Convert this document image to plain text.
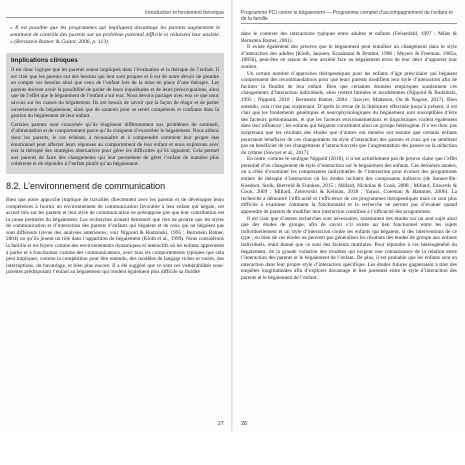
Introduction et fondement théorique
« Il est possible que les programmes qui impliquent davantage les parents augmentent le sentiment de contrôle des parents sur un problème parental difficile et réduisent leur anxiété. » (Bernstein Ratner & Guitar, 2006, p. 113).
Implications cliniques

Il est donc logique que les parents soient impliqués dans l’évaluation et la thérapie de l’enfant. Il est clair que les parents ont des besoins qui leur sont propres et il est de notre devoir de prendre en compte ces besoins ainsi que ceux de l’enfant lors de la mise en place d’une thérapie. Les parents doivent avoir la possibilité de parler de leurs inquiétudes et de leurs préoccupations, ainsi que de l’effet que le bégaiement de l’enfant a sur eux. Nous devons partager avec eux ce que nous savons sur les causes du bégaiement. Ils ont besoin de savoir que la façon de réagir et de parler ouvertement du bégaiement, ainsi que de soutenir pour se sentir compétents et confiants dans la gestion du bégaiement de leur enfant.

Certains parents sont concernés qu’ils réagissent différemment aux problèmes de sommeil, d’alimentation et de comportement parce qu’ils craignent d’exacerber le bégaiement. Nous aidons donc les parents, le cas échéant, à reconnaître et à comprendre comment leur propre état émotionnel peut affecter leurs réponses au comportement de leur enfant et nous explorons avec eux la thérapie des stratégies alternatives pour gérer les difficultés qu’ils signalent. Cela permet aux parents de faire des changements qui leur permettent de gérer l’enfant de manière plus cohérente et de répondre à l’enfant plutôt qu’au bégaiement.

8.2. L’environnement de communication

Bien que notre approche implique de travailler directement avec les parents et de développer leurs compétences à fournir un environnement de communication favorable à leur enfant qui bégaie, cet accent mis sur les parents et leur style de communication ne présuppose pas que leur contribution est la cause première du bégaiement. Les recherches avaient démontré que rien ne prouve que les styles de communication et d’interaction des parents d’enfants qui bégaient et de ceux qui ne bégaient pas sont différents (revue des analyses antérieures, voir Nippold & Rudzinski, 1995 ; Bernstein Ratner, 2004) ou qu’ils jouent un rôle dans l’apparition du bégaiement (Kloth et al., 1999). Nous considérons la famille et les foyers comme des environnements dynamiques et interactifs où les enfants apprennent à parler et à fonctionner comme des communicateurs, avec tous les comportements typiques que cela peut impliquer, comme la compétition pour être entendu, des modèles de langage riches et variés, des interruptions, du bavardage, et bien plus encore. Il a été suggéré que ce sont ces vulnérabilités sous-jacentes prédisposant l’enfant au bégaiement qui rendent également plus difficile sa fluidité

27
Programme PCI centre le bégaiement — Programme complet d’accompagnement de l’enfant et de la famille

dans le contexte des interactions typiques entre adultes et enfants (Felsenfeld, 1997 ; Miles & Bernstein Ratner, 2001).

Il existe également des preuves que le bégaiement peut entraîner un changement dans le style d’interaction des adultes (Kloth, Janssen, Kraaimaat & Brutten, 1998 ; Meyers & Freeman, 1985a, 1985b), peut-être en raison de leur anxiété face au bégaiement et/ou de leur désir d’apporter leur soutien.

Un certain nombre d’approches thérapeutiques pour les enfants d’âge préscolaire qui bégaient comprennent des recommandations pour que leurs parents modifient leur style d’interaction afin de faciliter la fluidité de leur enfant. Bien que certaines données empiriques soutiennent ces changements d’interaction individuels, elles restent limitées et incohérentes (Nippold & Rudzinski, 1995 ; Nippold, 2018 ; Bernstein Ratner, 2004 ; Sawyer, Matteson, Ou & Nagase, 2017). Bien entendu, cela n’est pas surprenant. D’après la revue de la littérature effectuée jusqu’à présent, il est clair que les fondements génétiques et neurophysiologiques du bégaiement sont susceptibles d’être des facteurs prédominants, et que les facteurs environnementaux et linguistiques varient également dans leur influence ; les enfants qui bégaient constituent ainsi un groupe hétérogène. Il n’est donc pas surprenant que les résultats des études que d’autres ont menées ont montré que certains enfants pourraient bénéficier de ces changements du style d’interaction des parents et ceux qui ne semblent pas en bénéficier de ces changements d’interaction tels que l’augmentation des pauses ou la réduction du rythme (Sawyer et al., 2017).

En outre, comme le souligne Nippold (2018), il n’est actuellement pas de preuve claire que l’effet potentiel d’un changement de style d’interaction sur le bégaiement des enfants. Ces dernières années, on a ciblé d’examiner les composantes individuelles de l’interaction pour évaluer des programmes entiers de thérapie d’interaction où les études incluent des composants indirects (de Sonneville-Koedoot, Stolk, Rietveld & Franken, 2015 ; Millard, Nicholas & Cook, 2008 ; Millard, Edwards & Cook, 2009 ; Millard, Zebrowski & Kelman, 2018 ; Yaruss, Coleman & Hammer, 2006). La recherche a démontré l’efficacité et l’efficience de ces programmes thérapeutiques mais ce sont plus difficile à examiner comment la fonctionnent et la recherche ne permet pas d’évaluer quand apprendre de parents de modifier leur interaction contribue à l’efficacité des programmes.

Il est clair que d’autres recherches sont nécessaires, notamment des études sur un seul sujet ainsi que des études de groupe, afin de savoir s’il existe un lien fonctionnel entre les sujets individuellement et un style d’interaction contre les enfants qui bégaient, si des interventions de ce type ; ou bien de ces études ne peuvent pas généraliser les résultats des études de groupe aux enfants individuels, étant donné que ce sont des facteurs multiples. Pour répondre à ces hétérogénéité du bégaiement, de la grande variation des troubles qui exigent une connaissance de la relation entre l’interaction des parents et le bégaiement de l’enfant. De plus, il est probable que les enfants sont en interaction dans leur propre style d’interaction spécifique. Les études futures gagneraient à tirer des enquêtes longitudinales afin d’explorer davantage le lien potentiel entre le style d’interaction des parents et le bégaiement de l’enfant.

28
